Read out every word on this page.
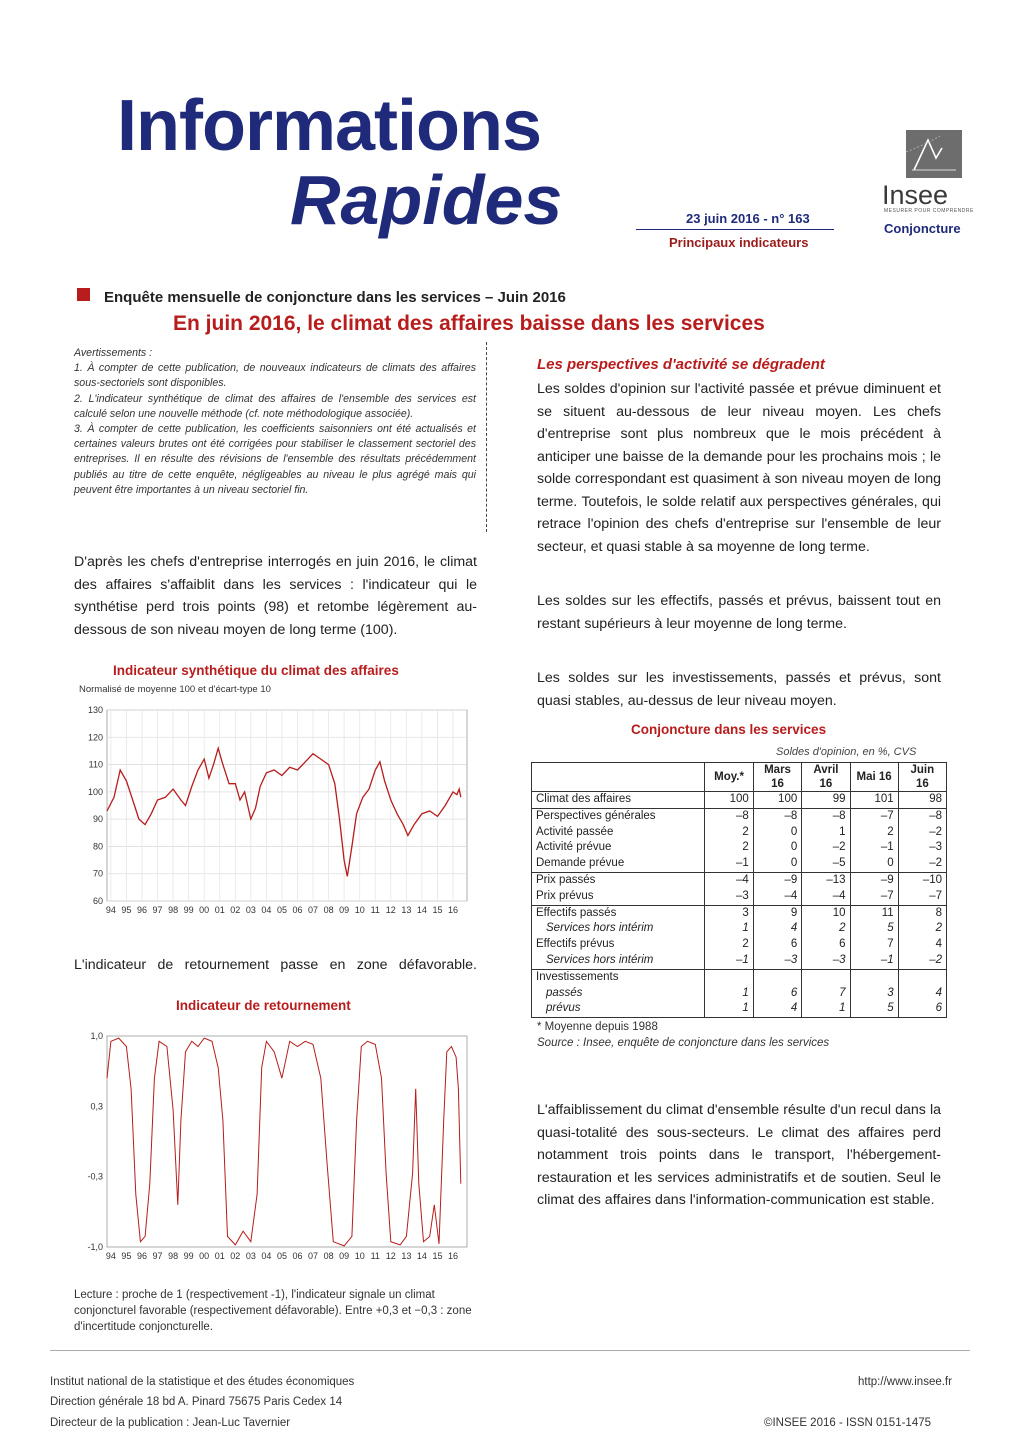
Informations
Rapides	23 juin 2016 - n° 163
Principaux indicateurs
Insee
MESURER POUR COMPRENDRE
Conjoncture
Enquête mensuelle de conjoncture dans les services – Juin 2016
En juin 2016, le climat des affaires baisse dans les services

Avertissements :

1. À compter de cette publication, de nouveaux indicateurs de climats des affaires sous-sectoriels sont disponibles.

2. L'indicateur synthétique de climat des affaires de l'ensemble des services est calculé selon une nouvelle méthode (cf. note méthodologique associée).

3. À compter de cette publication, les coefficients saisonniers ont été actualisés et certaines valeurs brutes ont été corrigées pour stabiliser le classement sectoriel des entreprises. Il en résulte des révisions de l'ensemble des résultats précédemment publiés au titre de cette enquête, négligeables au niveau le plus agrégé mais qui peuvent être importantes à un niveau sectoriel fin.

D'après les chefs d'entreprise interrogés en juin 2016, le climat des affaires s'affaiblit dans les services : l'indicateur qui le synthétise perd trois points (98) et retombe légèrement au-dessous de son niveau moyen de long terme (100).
Indicateur synthétique du climat des affaires
Normalisé de moyenne 100 et d'écart-type 10
130
120
110
100
90
80
70
60
94 95 96 97 98 99 00 01 02 03 04 05 06 07 08 09 10 11 12 13 14 15 16
L'indicateur de retournement passe en zone défavorable.
Indicateur de retournement
1,0
0,3
-0,3
-1,0
94 95 96 97 98 99 00 01 02 03 04 05 06 07 08 09 10 11 12 13 14 15 16
Lecture : proche de 1 (respectivement -1), l'indicateur signale un climat conjoncturel favorable (respectivement défavorable). Entre +0,3 et −0,3 : zone d'incertitude conjoncturelle.
Les perspectives d'activité se dégradent
Les soldes d'opinion sur l'activité passée et prévue diminuent et se situent au-dessous de leur niveau moyen. Les chefs d'entreprise sont plus nombreux que le mois précédent à anticiper une baisse de la demande pour les prochains mois ; le solde correspondant est quasiment à son niveau moyen de long terme. Toutefois, le solde relatif aux perspectives générales, qui retrace l'opinion des chefs d'entreprise sur l'ensemble de leur secteur, et quasi stable à sa moyenne de long terme.
Les soldes sur les effectifs, passés et prévus, baissent tout en restant supérieurs à leur moyenne de long terme.
Les soldes sur les investissements, passés et prévus, sont quasi stables, au-dessus de leur niveau moyen.
Conjoncture dans les services
Soldes d'opinion, en %, CVS
	Moy.*	Mars 16	Avril 16	Mai 16	Juin 16
Climat des affaires	100	100	99	101	98
Perspectives générales	–8	–8	–8	–7	–8
Activité passée	2	0	1	2	–2
Activité prévue	2	0	–2	–1	–3
Demande prévue	–1	0	–5	0	–2
Prix passés	–4	–9	–13	–9	–10
Prix prévus	–3	–4	–4	–7	–7
Effectifs passés	3	9	10	11	8
Services hors intérim	1	4	2	5	2
Effectifs prévus	2	6	6	7	4
Services hors intérim	–1	–3	–3	–1	–2
Investissements					
passés	1	6	7	3	4
prévus	1	4	1	5	6
* Moyenne depuis 1988
Source : Insee, enquête de conjoncture dans les services
L'affaiblissement du climat d'ensemble résulte d'un recul dans la quasi-totalité des sous-secteurs. Le climat des affaires perd notamment trois points dans le transport, l'hébergement-restauration et les services administratifs et de soutien. Seul le climat des affaires dans l'information-communication est stable.
Institut national de la statistique et des études économiques
Direction générale 18 bd A. Pinard 75675 Paris Cedex 14
Directeur de la publication : Jean-Luc Tavernier
http://www.insee.fr
©INSEE 2016 - ISSN 0151-1475
